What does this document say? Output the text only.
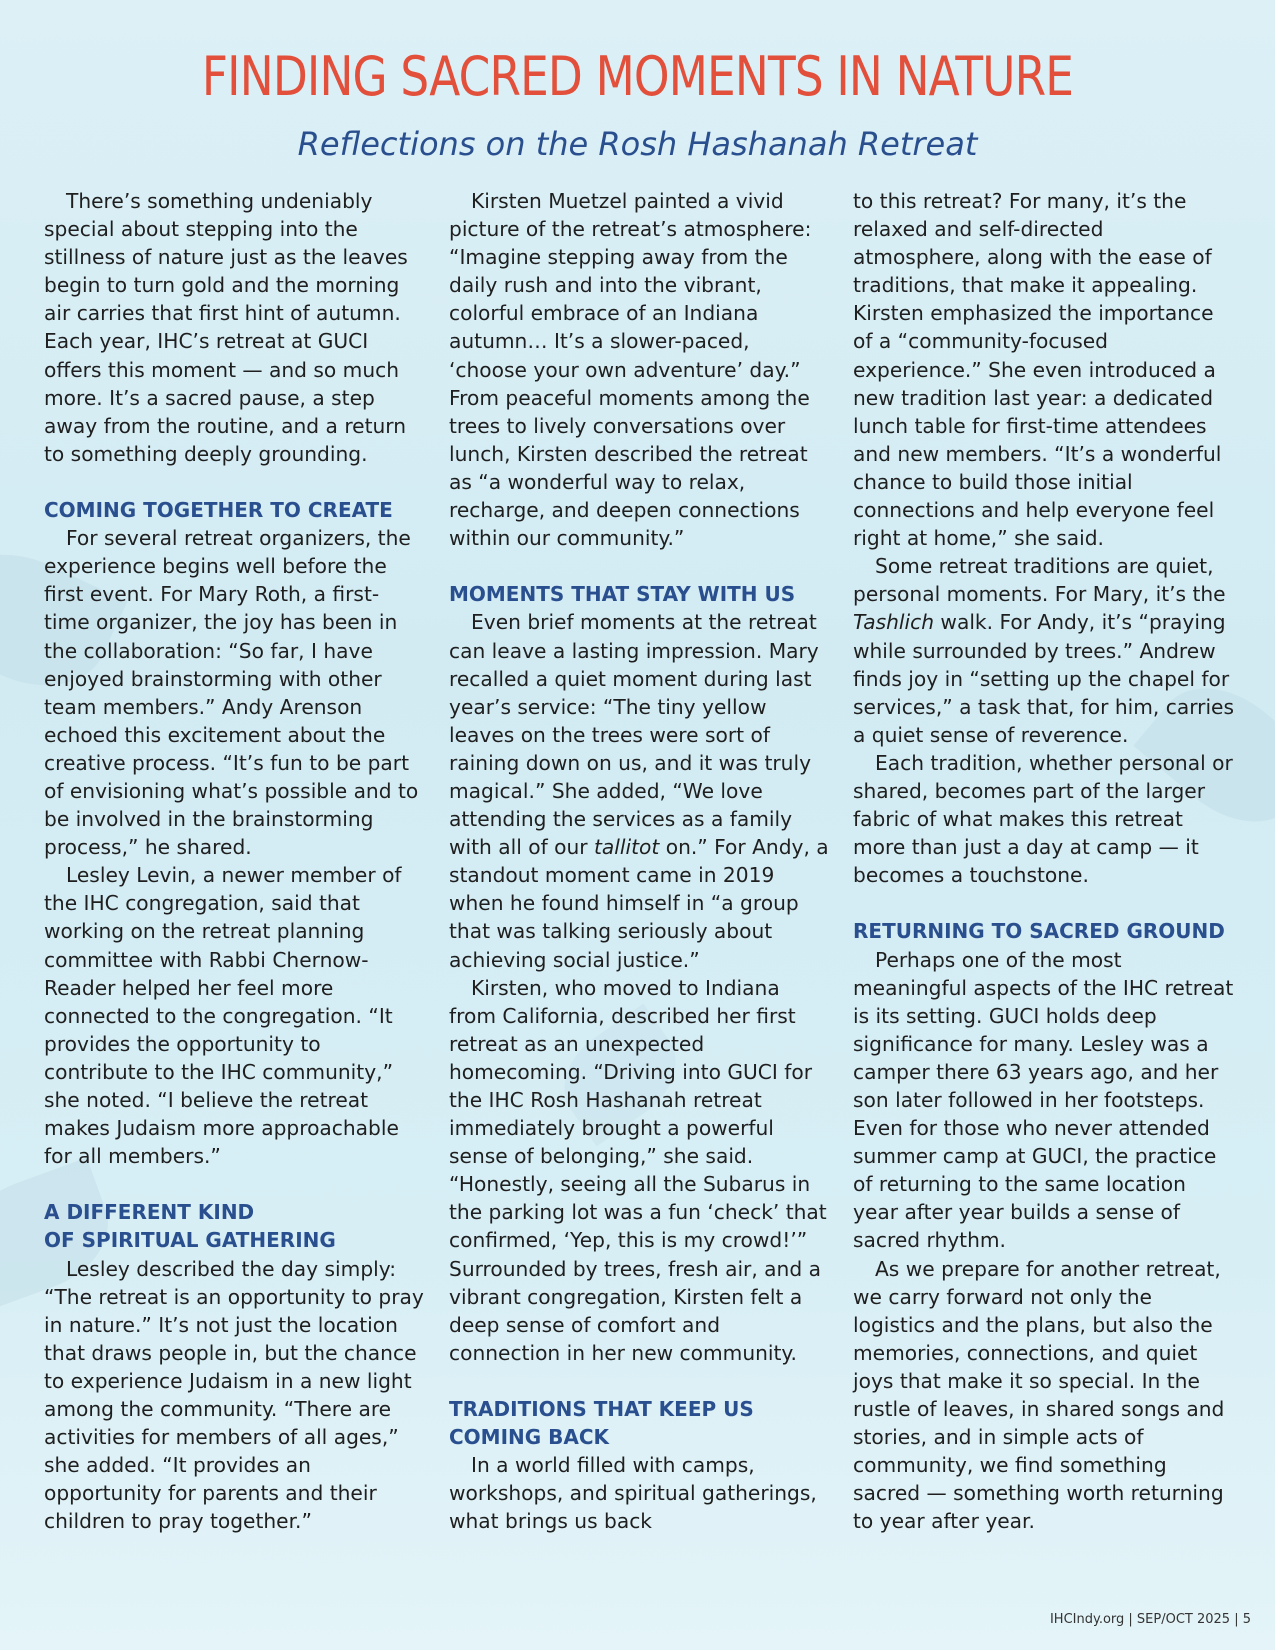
FINDING SACRED MOMENTS IN NATURE
Reflections on the Rosh Hashanah Retreat

There’s something undeniably special about stepping into the stillness of nature just as the leaves begin to turn gold and the morning air carries that first hint of autumn. Each year, IHC’s retreat at GUCI offers this moment — and so much more. It’s a sacred pause, a step away from the routine, and a return to something deeply grounding.

COMING TOGETHER TO CREATE

For several retreat organizers, the experience begins well before the first event. For Mary Roth, a first-time organizer, the joy has been in the collaboration: “So far, I have enjoyed brainstorming with other team members.” Andy Arenson echoed this excitement about the creative process. “It’s fun to be part of envisioning what’s possible and to be involved in the brainstorming process,” he shared.

Lesley Levin, a newer member of the IHC congregation, said that working on the retreat planning committee with Rabbi Chernow-Reader helped her feel more connected to the congregation. “It provides the opportunity to contribute to the IHC community,” she noted. “I believe the retreat makes Judaism more approachable for all members.”

A DIFFERENT KIND
OF SPIRITUAL GATHERING

Lesley described the day simply: “The retreat is an opportunity to pray in nature.” It’s not just the location that draws people in, but the chance to experience Judaism in a new light among the community. “There are activities for members of all ages,” she added. “It provides an opportunity for parents and their children to pray together.”

Kirsten Muetzel painted a vivid picture of the retreat’s atmosphere: “Imagine stepping away from the daily rush and into the vibrant, colorful embrace of an Indiana autumn… It’s a slower-paced, ‘choose your own adventure’ day.” From peaceful moments among the trees to lively conversations over lunch, Kirsten described the retreat as “a wonderful way to relax, recharge, and deepen connections within our community.”

MOMENTS THAT STAY WITH US

Even brief moments at the retreat can leave a lasting impression. Mary recalled a quiet moment during last year’s service: “The tiny yellow leaves on the trees were sort of raining down on us, and it was truly magical.” She added, “We love attending the services as a family with all of our tallitot on.” For Andy, a standout moment came in 2019 when he found himself in “a group that was talking seriously about achieving social justice.”

Kirsten, who moved to Indiana from California, described her first retreat as an unexpected homecoming. “Driving into GUCI for the IHC Rosh Hashanah retreat immediately brought a powerful sense of belonging,” she said. “Honestly, seeing all the Subarus in the parking lot was a fun ‘check’ that confirmed, ‘Yep, this is my crowd!’” Surrounded by trees, fresh air, and a vibrant congregation, Kirsten felt a deep sense of comfort and connection in her new community.

TRADITIONS THAT KEEP US
COMING BACK

In a world filled with camps, workshops, and spiritual gatherings, what brings us back

to this retreat? For many, it’s the relaxed and self-directed atmosphere, along with the ease of traditions, that make it appealing. Kirsten emphasized the importance of a “community-focused experience.” She even introduced a new tradition last year: a dedicated lunch table for first-time attendees and new members. “It’s a wonderful chance to build those initial connections and help everyone feel right at home,” she said.

Some retreat traditions are quiet, personal moments. For Mary, it’s the Tashlich walk. For Andy, it’s “praying while surrounded by trees.” Andrew finds joy in “setting up the chapel for services,” a task that, for him, carries a quiet sense of reverence.

Each tradition, whether personal or shared, becomes part of the larger fabric of what makes this retreat more than just a day at camp — it becomes a touchstone.

RETURNING TO SACRED GROUND

Perhaps one of the most meaningful aspects of the IHC retreat is its setting. GUCI holds deep significance for many. Lesley was a camper there 63 years ago, and her son later followed in her footsteps. Even for those who never attended summer camp at GUCI, the practice of returning to the same location year after year builds a sense of sacred rhythm.

As we prepare for another retreat, we carry forward not only the logistics and the plans, but also the memories, connections, and quiet joys that make it so special. In the rustle of leaves, in shared songs and stories, and in simple acts of community, we find something sacred — something worth returning to year after year.

IHCIndy.org | SEP/OCT 2025 | 5
